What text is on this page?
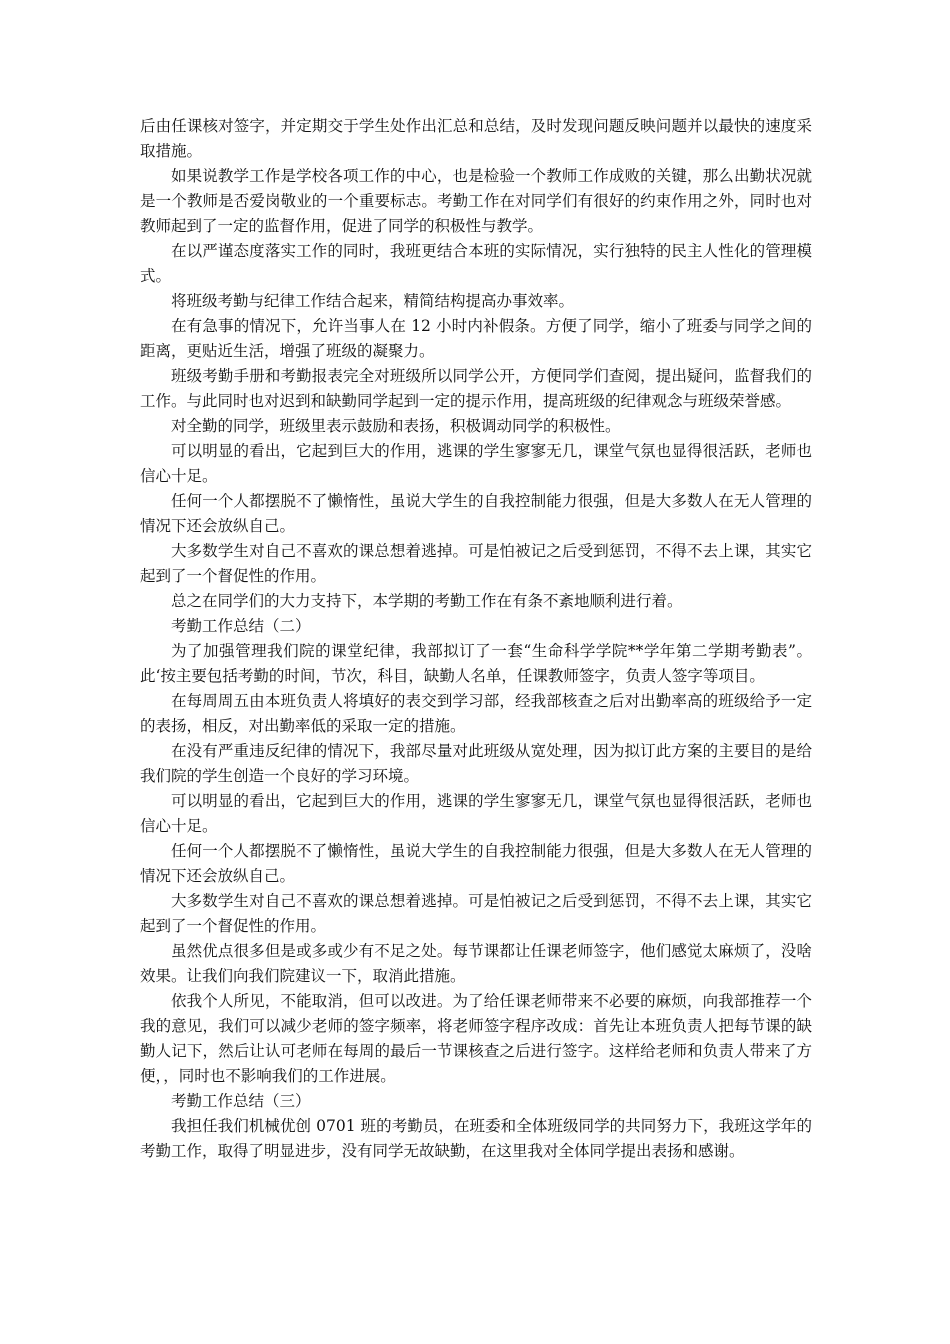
后由任课核对签字，并定期交于学生处作出汇总和总结，及时发现问题反映问题并以最快的速度采取措施。

如果说教学工作是学校各项工作的中心，也是检验一个教师工作成败的关键，那么出勤状况就是一个教师是否爱岗敬业的一个重要标志。考勤工作在对同学们有很好的约束作用之外，同时也对教师起到了一定的监督作用，促进了同学的积极性与教学。

在以严谨态度落实工作的同时，我班更结合本班的实际情况，实行独特的民主人性化的管理模式。

将班级考勤与纪律工作结合起来，精简结构提高办事效率。

在有急事的情况下，允许当事人在 12 小时内补假条。方便了同学，缩小了班委与同学之间的距离，更贴近生活，增强了班级的凝聚力。

班级考勤手册和考勤报表完全对班级所以同学公开，方便同学们查阅，提出疑问，监督我们的工作。与此同时也对迟到和缺勤同学起到一定的提示作用，提高班级的纪律观念与班级荣誉感。

对全勤的同学，班级里表示鼓励和表扬，积极调动同学的积极性。

可以明显的看出，它起到巨大的作用，逃课的学生寥寥无几，课堂气氛也显得很活跃，老师也信心十足。

任何一个人都摆脱不了懒惰性，虽说大学生的自我控制能力很强，但是大多数人在无人管理的情况下还会放纵自己。

大多数学生对自己不喜欢的课总想着逃掉。可是怕被记之后受到惩罚，不得不去上课，其实它起到了一个督促性的作用。

总之在同学们的大力支持下，本学期的考勤工作在有条不紊地顺利进行着。

考勤工作总结（二）

为了加强管理我们院的课堂纪律，我部拟订了一套“生命科学学院**学年第二学期考勤表”。此‘按主要包括考勤的时间，节次，科目，缺勤人名单，任课教师签字，负责人签字等项目。

在每周周五由本班负责人将填好的表交到学习部，经我部核查之后对出勤率高的班级给予一定的表扬，相反，对出勤率低的采取一定的措施。

在没有严重违反纪律的情况下，我部尽量对此班级从宽处理，因为拟订此方案的主要目的是给我们院的学生创造一个良好的学习环境。

可以明显的看出，它起到巨大的作用，逃课的学生寥寥无几，课堂气氛也显得很活跃，老师也信心十足。

任何一个人都摆脱不了懒惰性，虽说大学生的自我控制能力很强，但是大多数人在无人管理的情况下还会放纵自己。

大多数学生对自己不喜欢的课总想着逃掉。可是怕被记之后受到惩罚，不得不去上课，其实它起到了一个督促性的作用。

虽然优点很多但是或多或少有不足之处。每节课都让任课老师签字，他们感觉太麻烦了，没啥效果。让我们向我们院建议一下，取消此措施。

依我个人所见，不能取消，但可以改进。为了给任课老师带来不必要的麻烦，向我部推荐一个我的意见，我们可以减少老师的签字频率，将老师签字程序改成：首先让本班负责人把每节课的缺勤人记下，然后让认可老师在每周的最后一节课核查之后进行签字。这样给老师和负责人带来了方便，，同时也不影响我们的工作进展。

考勤工作总结（三）

我担任我们机械优创 0701 班的考勤员，在班委和全体班级同学的共同努力下，我班这学年的考勤工作，取得了明显进步，没有同学无故缺勤，在这里我对全体同学提出表扬和感谢。
